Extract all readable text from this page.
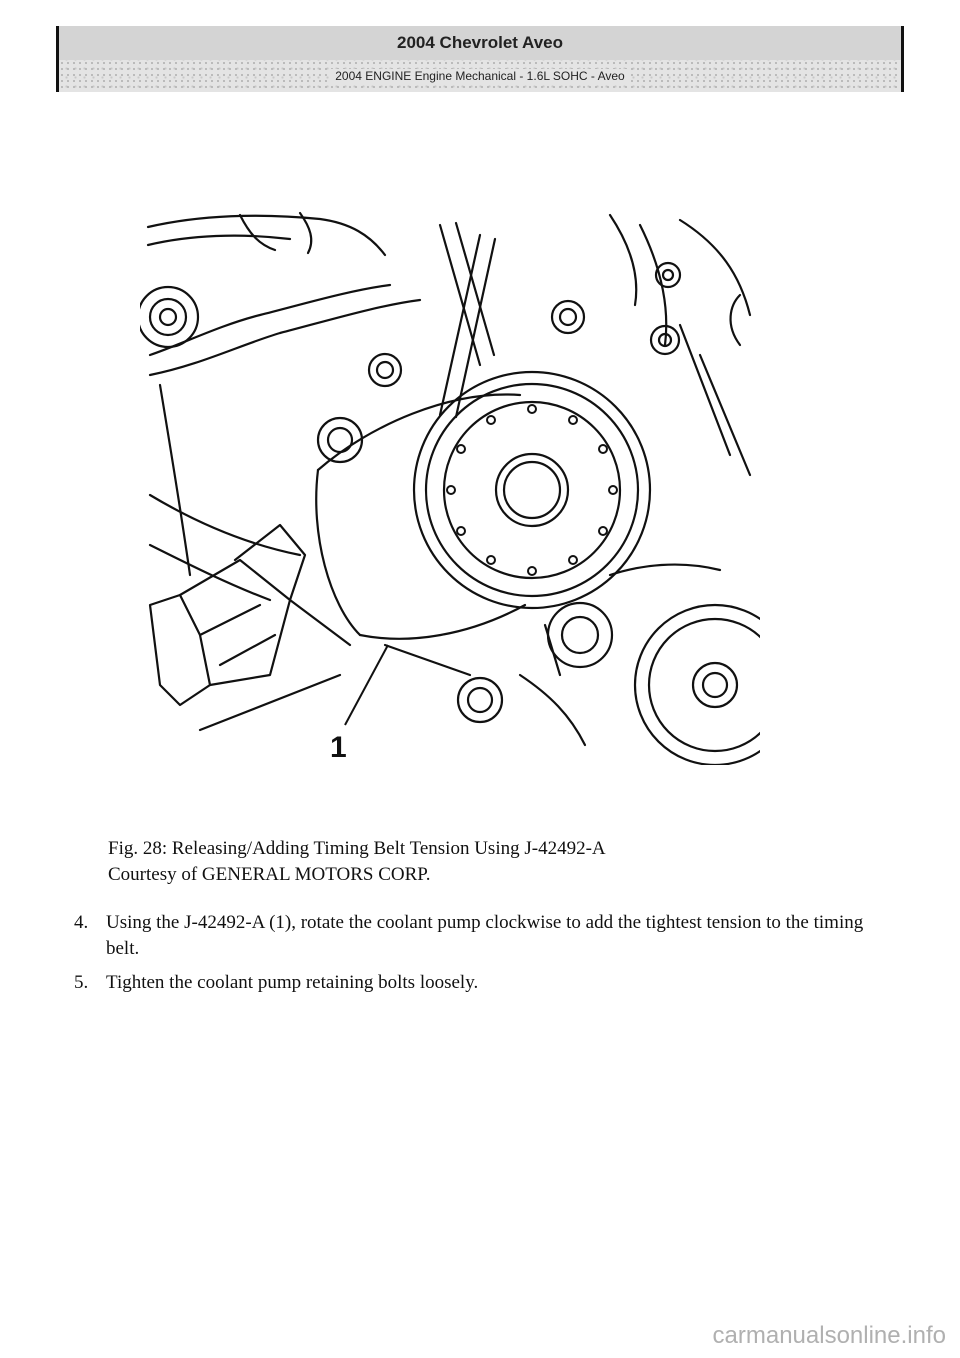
2004 Chevrolet Aveo
2004 ENGINE Engine Mechanical - 1.6L SOHC - Aveo
1
Fig. 28: Releasing/Adding Timing Belt Tension Using J-42492-A
Courtesy of GENERAL MOTORS CORP.
4. Using the J-42492-A (1), rotate the coolant pump clockwise to add the tightest tension to the timing belt.
5. Tighten the coolant pump retaining bolts loosely.
carmanualsonline.info
